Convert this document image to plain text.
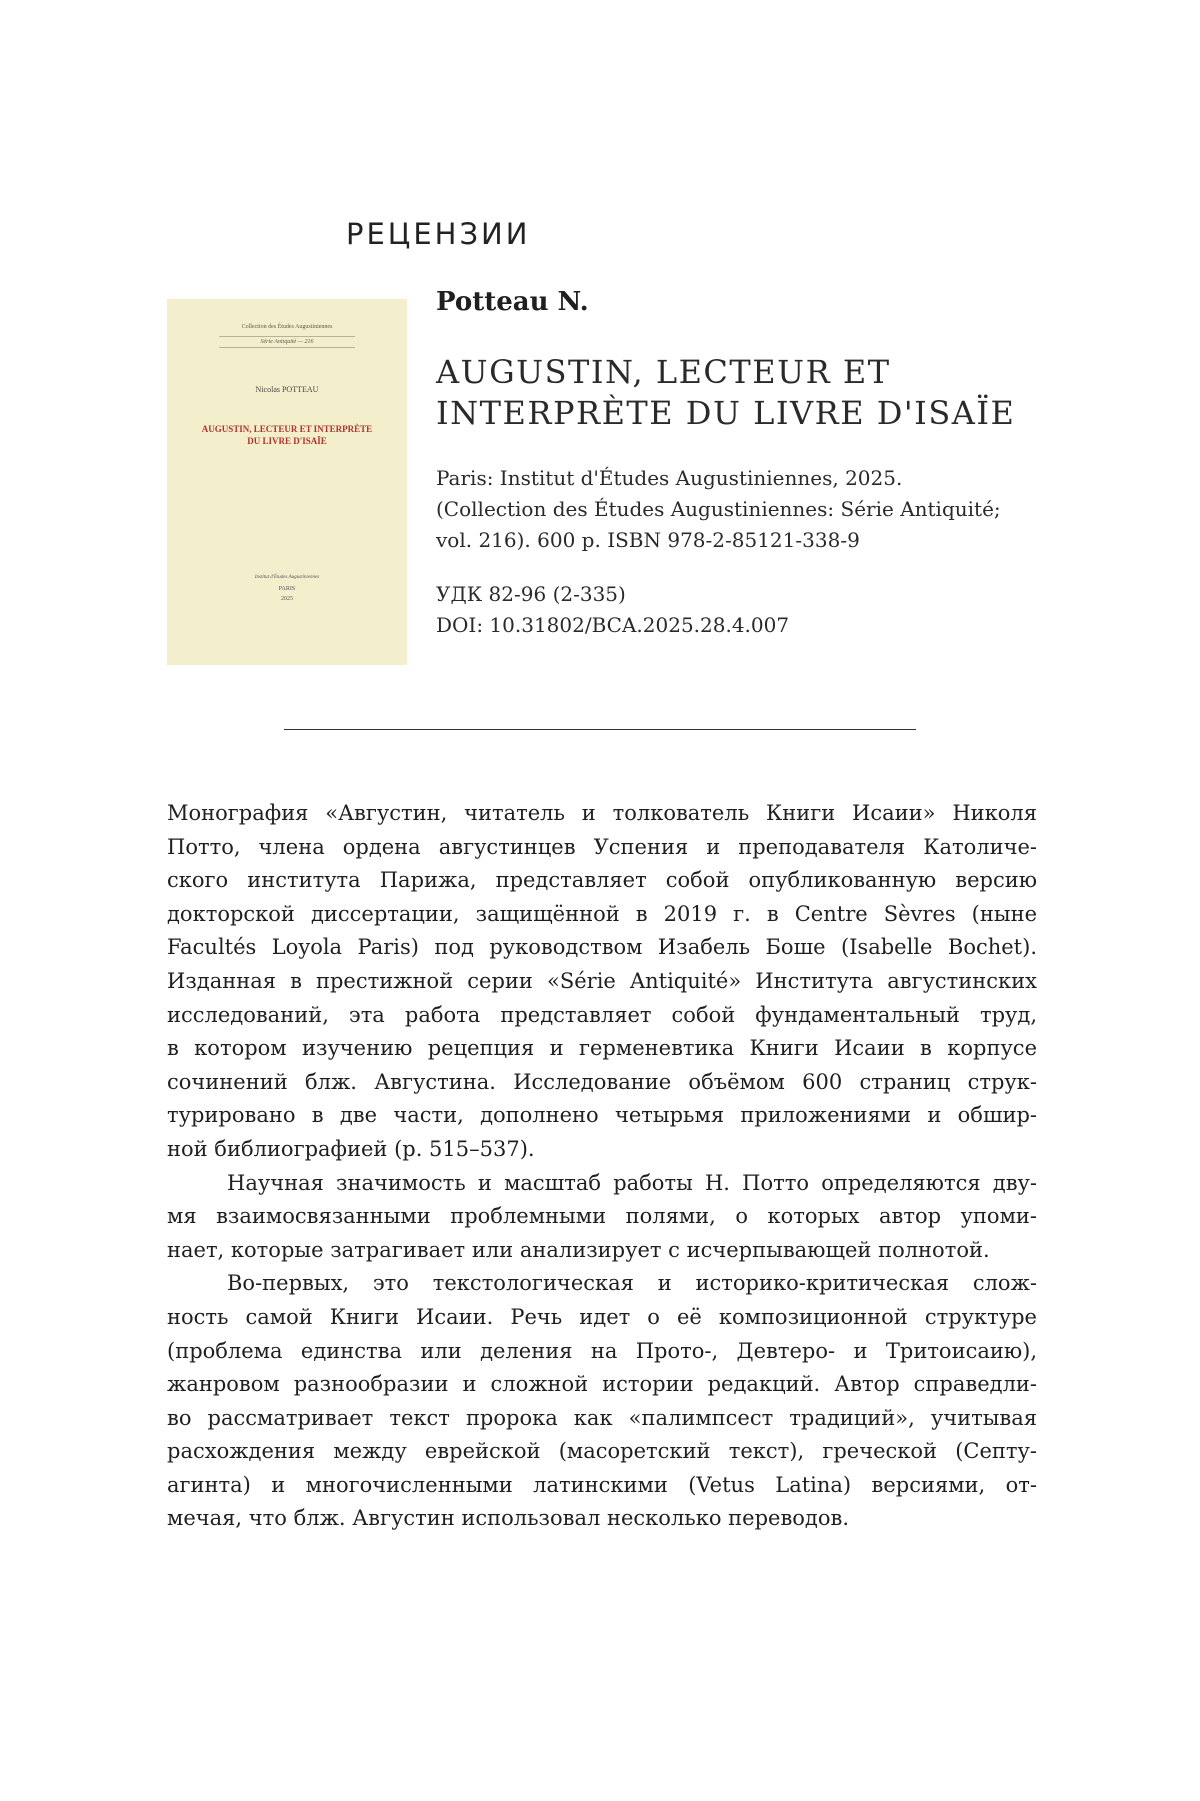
РЕЦЕНЗИИ
Collection des Études Augustiniennes
Série Antiquité — 216
Nicolas POTTEAU
AUGUSTIN, LECTEUR ET INTERPRÈTE
DU LIVRE D'ISAÏE
Institut d'Études Augustiniennes
PARIS
2025
Potteau N.
AUGUSTIN, LECTEUR ET
INTERPRÈTE DU LIVRE D'ISAÏE
Paris: Institut d'Études Augustiniennes, 2025.
(Collection des Études Augustiniennes: Série Antiquité;
vol. 216). 600 p. ISBN 978-2-85121-338-9
УДК 82-96 (2-335)
DOI: 10.31802/BCA.2025.28.4.007

Монография «Августин, читатель и толкователь Книги Исаии» Николя
Потто, члена ордена августинцев Успения и преподавателя Католиче-
ского института Парижа, представляет собой опубликованную версию
докторской диссертации, защищённой в 2019 г. в Centre Sèvres (ныне
Facultés Loyola Paris) под руководством Изабель Боше (Isabelle Bochet).
Изданная в престижной серии «Série Antiquité» Института августинских
исследований, эта работа представляет собой фундаментальный труд,
в котором изучению рецепция и герменевтика Книги Исаии в корпусе
сочинений блж. Августина. Исследование объёмом 600 страниц струк-
турировано в две части, дополнено четырьмя приложениями и обшир-
ной библиографией (p. 515–537).

Научная значимость и масштаб работы Н. Потто определяются дву-
мя взаимосвязанными проблемными полями, о которых автор упоми-
нает, которые затрагивает или анализирует с исчерпывающей полнотой.

Во-первых, это текстологическая и историко-критическая слож-
ность самой Книги Исаии. Речь идет о её композиционной структуре
(проблема единства или деления на Прото-, Девтеро- и Тритоисаию),
жанровом разнообразии и сложной истории редакций. Автор справедли-
во рассматривает текст пророка как «палимпсест традиций», учитывая
расхождения между еврейской (масоретский текст), греческой (Септу-
агинта) и многочисленными латинскими (Vetus Latina) версиями, от-
мечая, что блж. Августин использовал несколько переводов.
